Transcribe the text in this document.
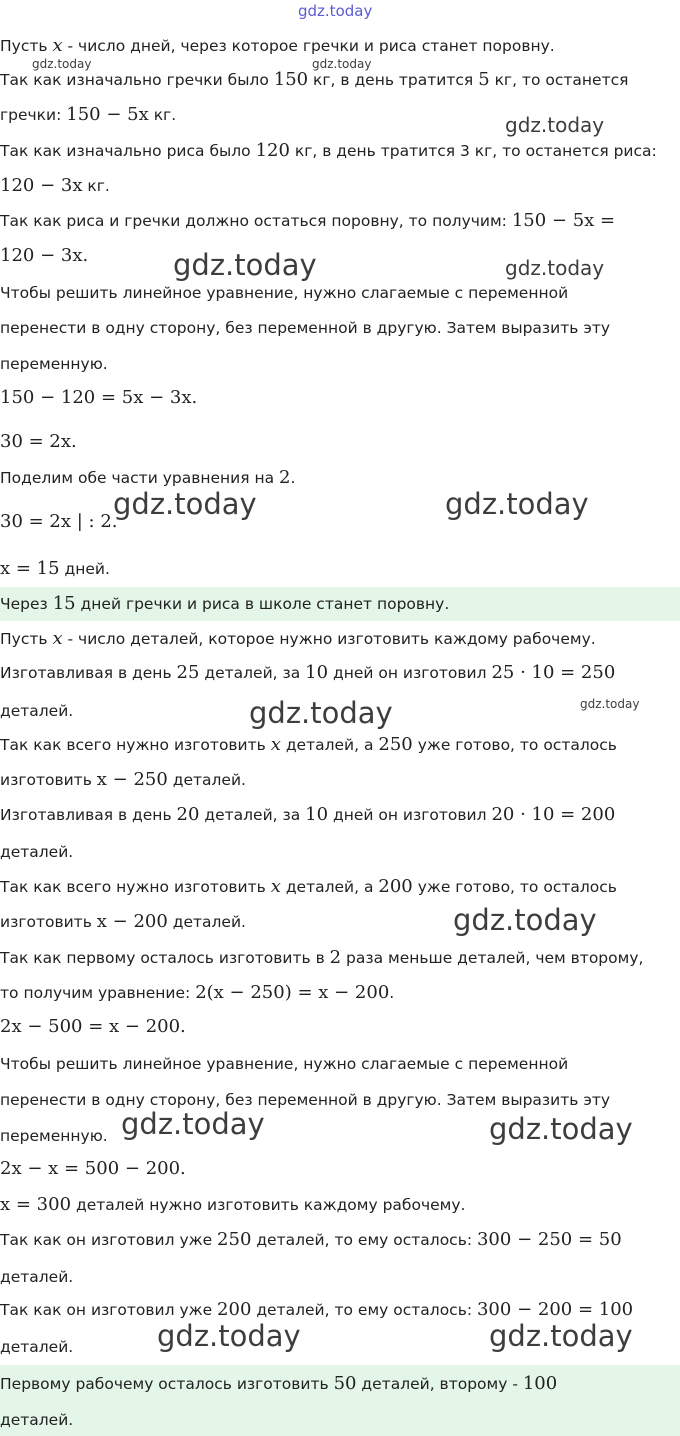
Пусть x - число дней, через которое гречки и риса станет поровну.
Так как изначально гречки было 150 кг, в день тратится 5 кг, то останется
гречки: 150 − 5x кг.
Так как изначально риса было 120 кг, в день тратится 3 кг, то останется риса:
120 − 3x кг.
Так как риса и гречки должно остаться поровну, то получим: 150 − 5x =
120 − 3x.
Чтобы решить линейное уравнение, нужно слагаемые с переменной
перенести в одну сторону, без переменной в другую. Затем выразить эту
переменную.
150 − 120 = 5x − 3x.
30 = 2x.
Поделим обе части уравнения на 2.
30 = 2x | : 2.
x = 15 дней.
Через 15 дней гречки и риса в школе станет поровну.
Пусть x - число деталей, которое нужно изготовить каждому рабочему.
Изготавливая в день 25 деталей, за 10 дней он изготовил 25 · 10 = 250
деталей.
Так как всего нужно изготовить x деталей, а 250 уже готово, то осталось
изготовить x − 250 деталей.
Изготавливая в день 20 деталей, за 10 дней он изготовил 20 · 10 = 200
деталей.
Так как всего нужно изготовить x деталей, а 200 уже готово, то осталось
изготовить x − 200 деталей.
Так как первому осталось изготовить в 2 раза меньше деталей, чем второму,
то получим уравнение: 2(x − 250) = x − 200.
2x − 500 = x − 200.
Чтобы решить линейное уравнение, нужно слагаемые с переменной
перенести в одну сторону, без переменной в другую. Затем выразить эту
переменную.
2x − x = 500 − 200.
x = 300 деталей нужно изготовить каждому рабочему.
Так как он изготовил уже 250 деталей, то ему осталось: 300 − 250 = 50
деталей.
Так как он изготовил уже 200 деталей, то ему осталось: 300 − 200 = 100
деталей.
Первому рабочему осталось изготовить 50 деталей, второму - 100
деталей.
gdz.today
gdz.today	gdz.today
gdz.today
gdz.today	gdz.today
gdz.today	gdz.today
gdz.today	gdz.today
gdz.today
gdz.today	gdz.today
gdz.today	gdz.today
